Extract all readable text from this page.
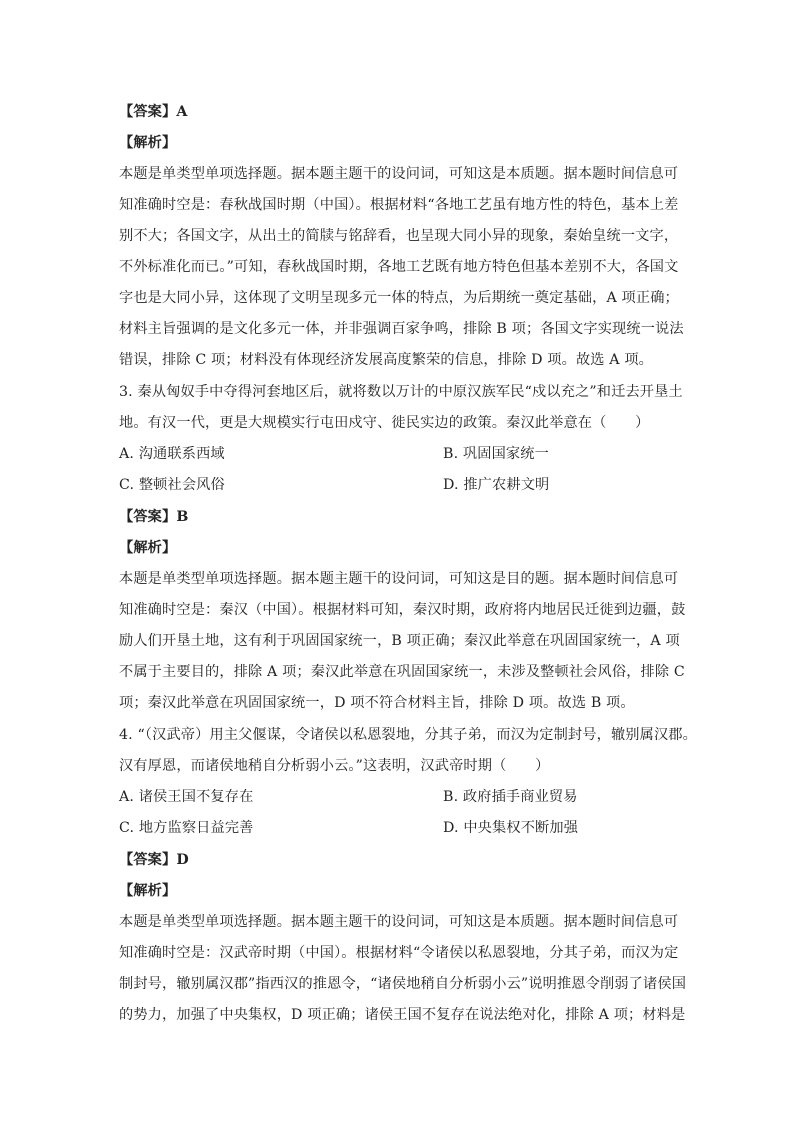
【答案】A
【解析】
本题是单类型单项选择题。据本题主题干的设问词，可知这是本质题。据本题时间信息可
知准确时空是：春秋战国时期（中国）。根据材料“各地工艺虽有地方性的特色，基本上差
别不大；各国文字，从出土的简牍与铭辞看，也呈现大同小异的现象，秦始皇统一文字，
不外标准化而已。”可知，春秋战国时期，各地工艺既有地方特色但基本差别不大，各国文
字也是大同小异，这体现了文明呈现多元一体的特点，为后期统一奠定基础，A 项正确；
材料主旨强调的是文化多元一体，并非强调百家争鸣，排除 B 项；各国文字实现统一说法
错误，排除 C 项；材料没有体现经济发展高度繁荣的信息，排除 D 项。故选 A 项。
3. 秦从匈奴手中夺得河套地区后，就将数以万计的中原汉族军民“戍以充之”和迁去开垦土
地。有汉一代，更是大规模实行屯田戍守、徙民实边的政策。秦汉此举意在（　　）
A. 沟通联系西域	B. 巩固国家统一
C. 整顿社会风俗	D. 推广农耕文明
【答案】B
【解析】
本题是单类型单项选择题。据本题主题干的设问词，可知这是目的题。据本题时间信息可
知准确时空是：秦汉（中国）。根据材料可知，秦汉时期，政府将内地居民迁徙到边疆，鼓
励人们开垦土地，这有利于巩固国家统一，B 项正确；秦汉此举意在巩固国家统一，A 项
不属于主要目的，排除 A 项；秦汉此举意在巩固国家统一，未涉及整顿社会风俗，排除 C
项；秦汉此举意在巩固国家统一，D 项不符合材料主旨，排除 D 项。故选 B 项。
4. “（汉武帝）用主父偃谋，令诸侯以私恩裂地，分其子弟，而汉为定制封号，辙别属汉郡。
汉有厚恩，而诸侯地稍自分析弱小云。”这表明，汉武帝时期（　　）
A. 诸侯王国不复存在	B. 政府插手商业贸易
C. 地方监察日益完善	D. 中央集权不断加强
【答案】D
【解析】
本题是单类型单项选择题。据本题主题干的设问词，可知这是本质题。据本题时间信息可
知准确时空是：汉武帝时期（中国）。根据材料“令诸侯以私恩裂地，分其子弟，而汉为定
制封号，辙别属汉郡”指西汉的推恩令，“诸侯地稍自分析弱小云”说明推恩令削弱了诸侯国
的势力，加强了中央集权，D 项正确；诸侯王国不复存在说法绝对化，排除 A 项；材料是
